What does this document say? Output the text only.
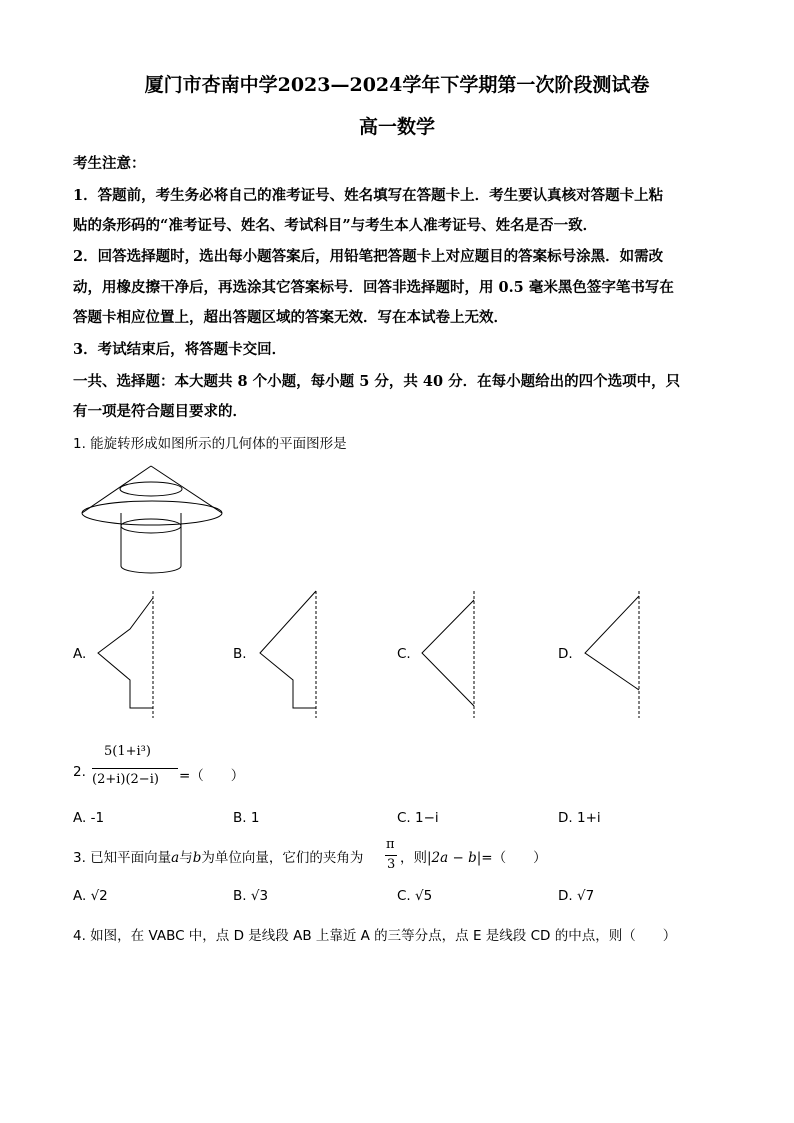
厦门市杏南中学2023—2024学年下学期第一次阶段测试卷
高一数学
考生注意：
1．答题前，考生务必将自己的准考证号、姓名填写在答题卡上．考生要认真核对答题卡上粘
贴的条形码的“准考证号、姓名、考试科目”与考生本人准考证号、姓名是否一致．
2．回答选择题时，选出每小题答案后，用铅笔把答题卡上对应题目的答案标号涂黑．如需改
动，用橡皮擦干净后，再选涂其它答案标号．回答非选择题时，用 0.5 毫米黑色签字笔书写在
答题卡相应位置上，超出答题区域的答案无效．写在本试卷上无效．
3．考试结束后，将答题卡交回．
一共、选择题：本大题共 8 个小题，每小题 5 分，共 40 分．在每小题给出的四个选项中，只
有一项是符合题目要求的．
1. 能旋转形成如图所示的几何体的平面图形是
A.	B.	C.	D.
2.
5(1+i³)
(2+i)(2−i) =（　　）
A. -1	B. 1	C. 1−i	D. 1+i
3. 已知平面向量a与b为单位向量，它们的夹角为
π
3 ，则|2a − b|=（　　）
A. √2	B. √3	C. √5	D. √7
4. 如图，在 VABC 中，点 D 是线段 AB 上靠近 A 的三等分点，点 E 是线段 CD 的中点，则（　　）
